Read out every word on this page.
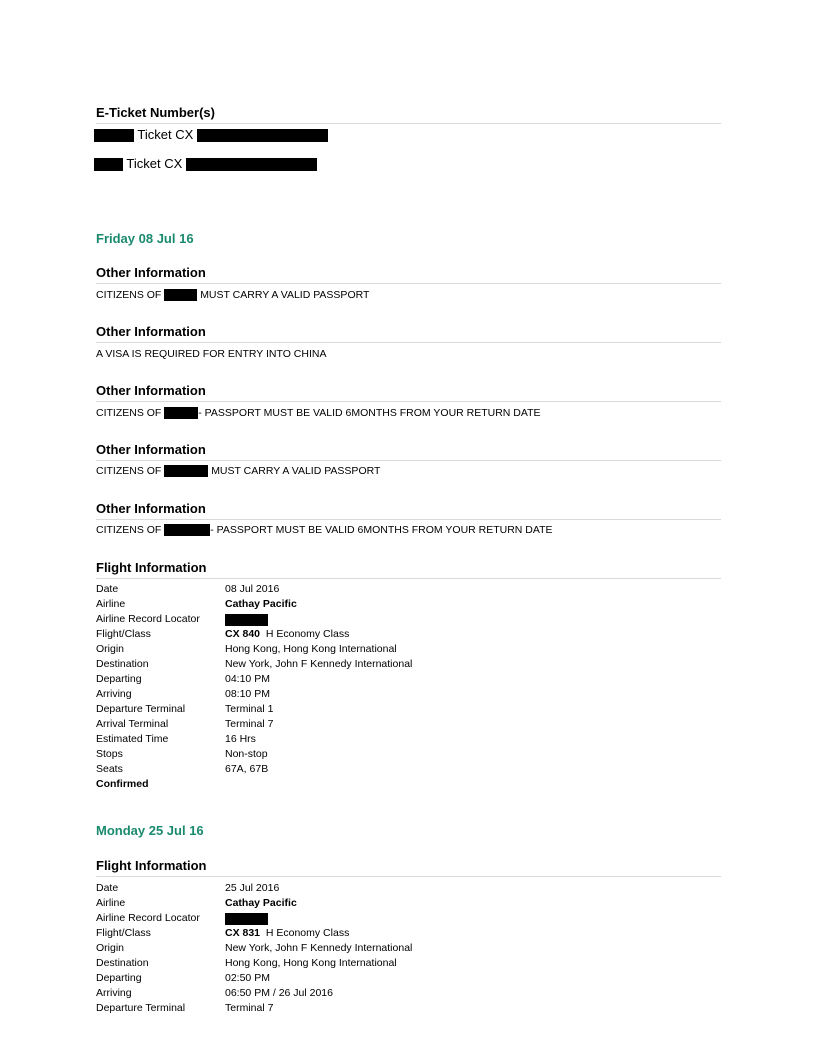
E-Ticket Number(s)
Ticket CX
Ticket CX
Friday 08 Jul 16
Other Information
CITIZENS OF	MUST CARRY A VALID PASSPORT
Other Information
A VISA IS REQUIRED FOR ENTRY INTO CHINA
Other Information
CITIZENS OF	- PASSPORT MUST BE VALID 6MONTHS FROM YOUR RETURN DATE
Other Information
CITIZENS OF	MUST CARRY A VALID PASSPORT
Other Information
CITIZENS OF	- PASSPORT MUST BE VALID 6MONTHS FROM YOUR RETURN DATE
Flight Information
Date	08 Jul 2016
Airline	Cathay Pacific
Airline Record Locator
Flight/Class	CX 840 H Economy Class
Origin	Hong Kong, Hong Kong International
Destination	New York, John F Kennedy International
Departing	04:10 PM
Arriving	08:10 PM
Departure Terminal	Terminal 1
Arrival Terminal	Terminal 7
Estimated Time	16 Hrs
Stops	Non-stop
Seats	67A, 67B
Confirmed
Monday 25 Jul 16
Flight Information
Date	25 Jul 2016
Airline	Cathay Pacific
Airline Record Locator
Flight/Class	CX 831 H Economy Class
Origin	New York, John F Kennedy International
Destination	Hong Kong, Hong Kong International
Departing	02:50 PM
Arriving	06:50 PM / 26 Jul 2016
Departure Terminal	Terminal 7
